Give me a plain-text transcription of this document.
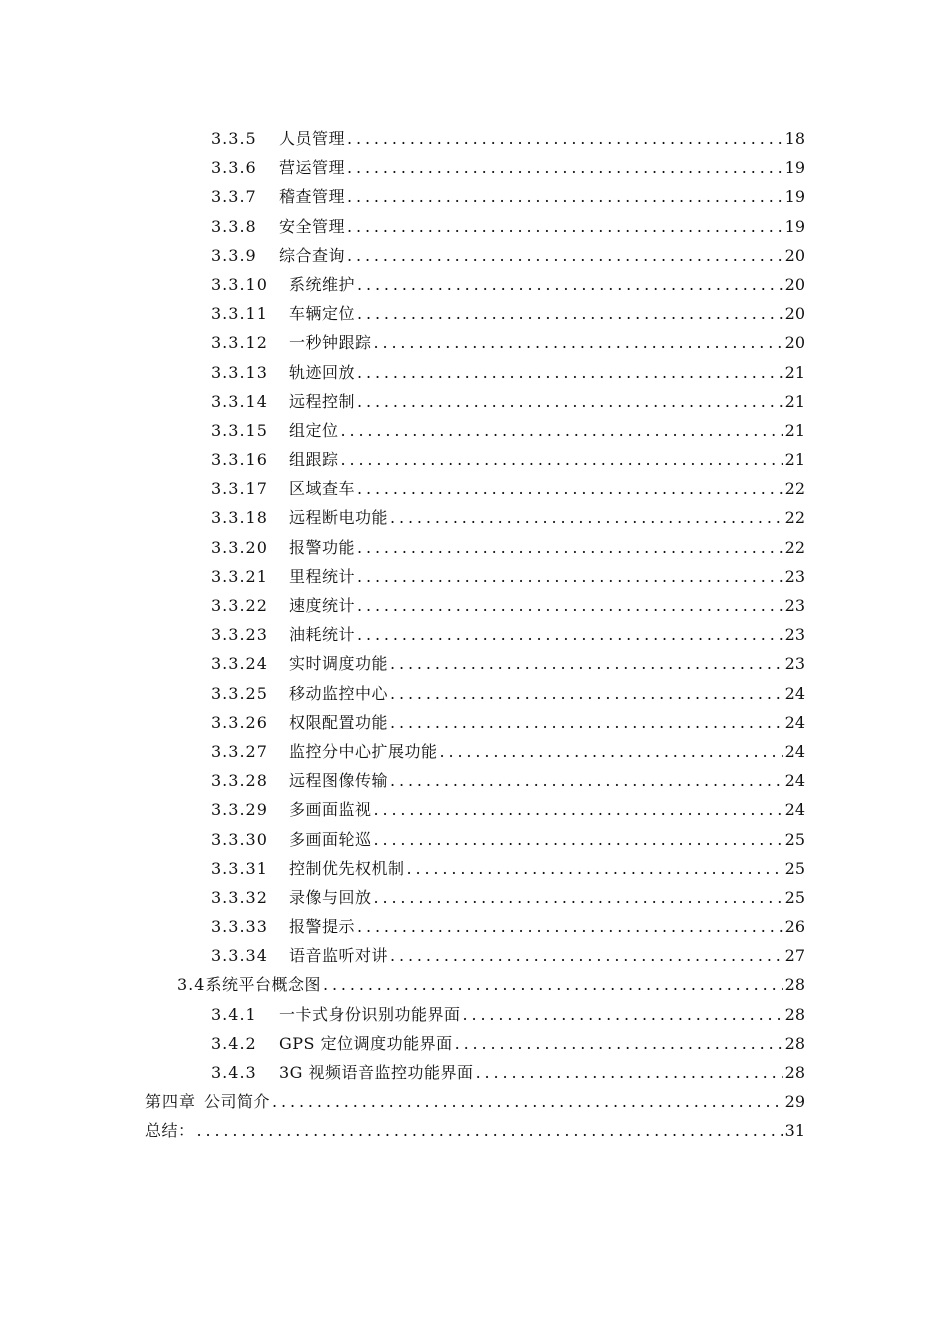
3.3.5	人员管理 . . .	18
3.3.6	营运管理 . . .	19
3.3.7	稽查管理 . . .	19
3.3.8	安全管理 . . .	19
3.3.9	综合查询 . . .	20
3.3.10	系统维护 . . .	20
3.3.11	车辆定位 . . .	20
3.3.12	一秒钟跟踪 . . .	20
3.3.13	轨迹回放 . . .	21
3.3.14	远程控制 . . .	21
3.3.15	组定位 . . .	21
3.3.16	组跟踪 . . .	21
3.3.17	区域查车 . . .	22
3.3.18	远程断电功能 . . .	22
3.3.20	报警功能 . . .	22
3.3.21	里程统计 . . .	23
3.3.22	速度统计 . . .	23
3.3.23	油耗统计 . . .	23
3.3.24	实时调度功能 . . .	23
3.3.25	移动监控中心 . . .	24
3.3.26	权限配置功能 . . .	24
3.3.27	监控分中心扩展功能 . . .	24
3.3.28	远程图像传输 . . .	24
3.3.29	多画面监视 . . .	24
3.3.30	多画面轮巡 . . .	25
3.3.31	控制优先权机制 . . .	25
3.3.32	录像与回放 . . .	25
3.3.33	报警提示 . . .	26
3.3.34	语音监听对讲 . . .	27
3.4 系统平台概念图 . . .	28
3.4.1	一卡式身份识别功能界面 . . .	28
3.4.2	GPS 定位调度功能界面 . . .	28
3.4.3	3G 视频语音监控功能界面 . . .	28
第四章 公司简介 . . .	29
总结： . . .	31
